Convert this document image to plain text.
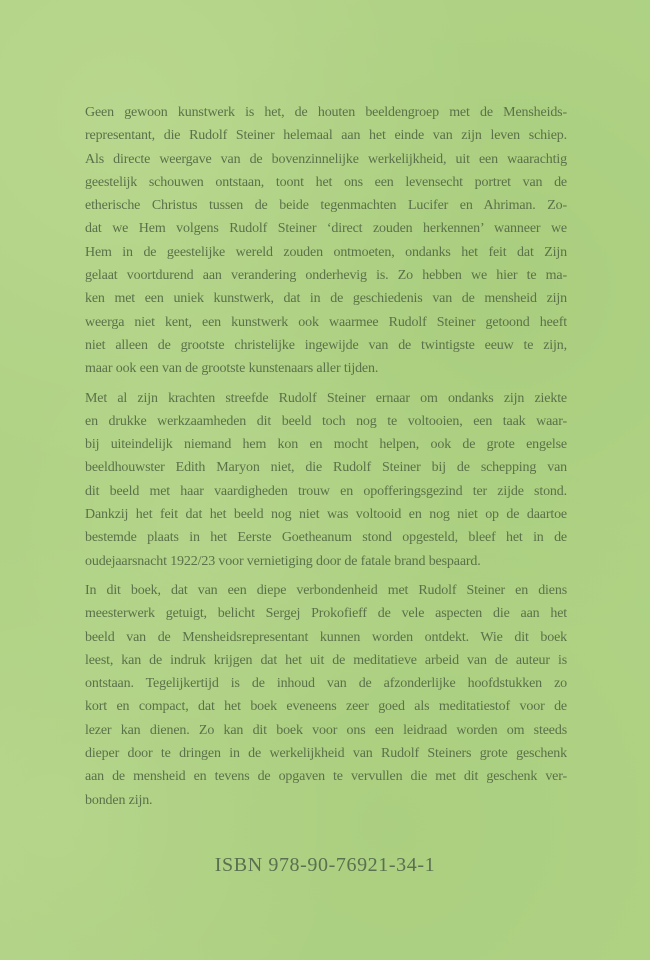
Geen gewoon kunstwerk is het, de houten beeldengroep met de Mensheids-
representant, die Rudolf Steiner helemaal aan het einde van zijn leven schiep.
Als directe weergave van de bovenzinnelijke werkelijkheid, uit een waarachtig
geestelijk schouwen ontstaan, toont het ons een levensecht portret van de
etherische Christus tussen de beide tegenmachten Lucifer en Ahriman. Zo-
dat we Hem volgens Rudolf Steiner ‘direct zouden herkennen’ wanneer we
Hem in de geestelijke wereld zouden ontmoeten, ondanks het feit dat Zijn
gelaat voortdurend aan verandering onderhevig is. Zo hebben we hier te ma-
ken met een uniek kunstwerk, dat in de geschiedenis van de mensheid zijn
weerga niet kent, een kunstwerk ook waarmee Rudolf Steiner getoond heeft
niet alleen de grootste christelijke ingewijde van de twintigste eeuw te zijn,
maar ook een van de grootste kunstenaars aller tijden.
Met al zijn krachten streefde Rudolf Steiner ernaar om ondanks zijn ziekte
en drukke werkzaamheden dit beeld toch nog te voltooien, een taak waar-
bij uiteindelijk niemand hem kon en mocht helpen, ook de grote engelse
beeldhouwster Edith Maryon niet, die Rudolf Steiner bij de schepping van
dit beeld met haar vaardigheden trouw en opofferingsgezind ter zijde stond.
Dankzij het feit dat het beeld nog niet was voltooid en nog niet op de daartoe
bestemde plaats in het Eerste Goetheanum stond opgesteld, bleef het in de
oudejaarsnacht 1922/23 voor vernietiging door de fatale brand bespaard.
In dit boek, dat van een diepe verbondenheid met Rudolf Steiner en diens
meesterwerk getuigt, belicht Sergej Prokofieff de vele aspecten die aan het
beeld van de Mensheidsrepresentant kunnen worden ontdekt. Wie dit boek
leest, kan de indruk krijgen dat het uit de meditatieve arbeid van de auteur is
ontstaan. Tegelijkertijd is de inhoud van de afzonderlijke hoofdstukken zo
kort en compact, dat het boek eveneens zeer goed als meditatiestof voor de
lezer kan dienen. Zo kan dit boek voor ons een leidraad worden om steeds
dieper door te dringen in de werkelijkheid van Rudolf Steiners grote geschenk
aan de mensheid en tevens de opgaven te vervullen die met dit geschenk ver-
bonden zijn.
ISBN 978-90-76921-34-1
